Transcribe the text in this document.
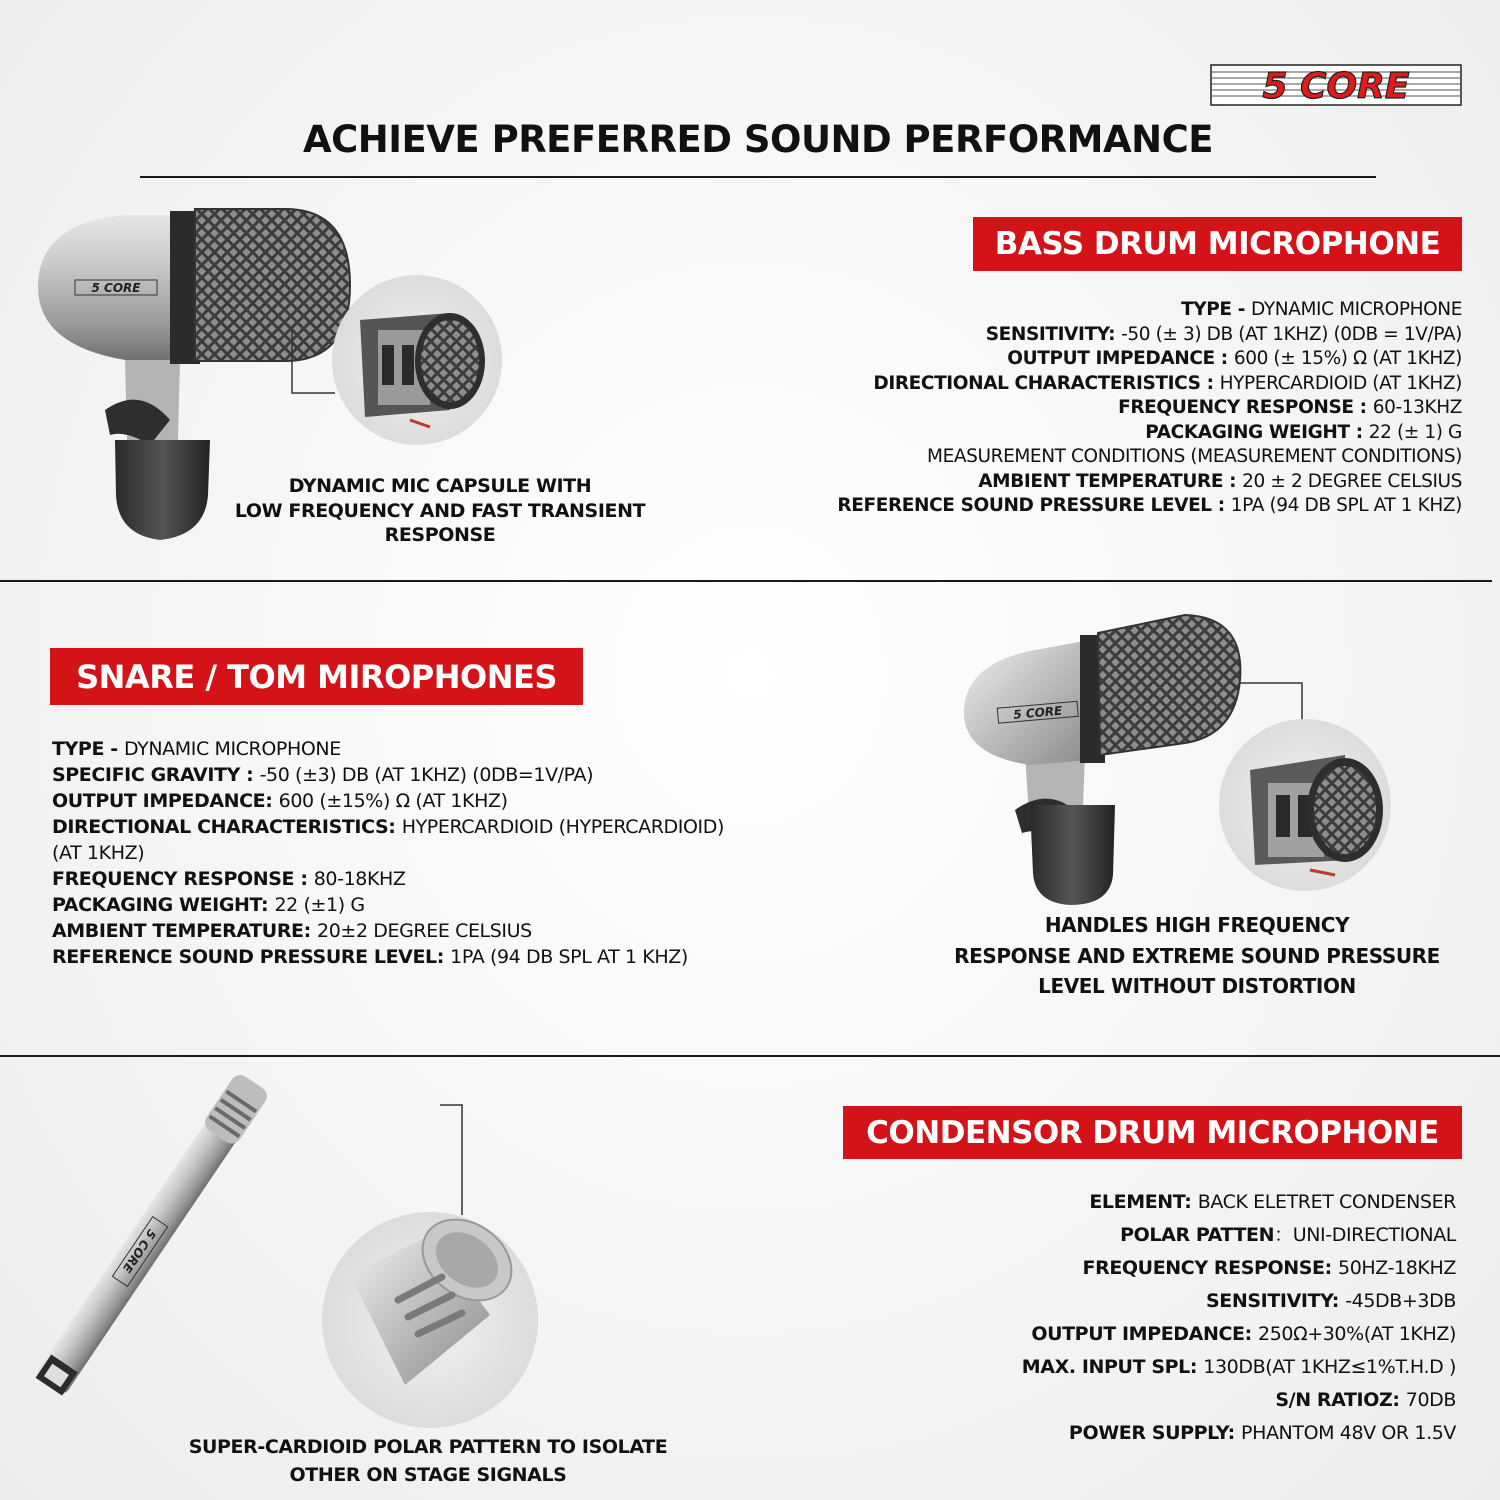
5 CORE
ACHIEVE PREFERRED SOUND PERFORMANCE
BASS DRUM MICROPHONE
5 CORE
DYNAMIC MIC CAPSULE WITH
LOW FREQUENCY AND FAST TRANSIENT
RESPONSE
TYPE - DYNAMIC MICROPHONE
SENSITIVITY: -50 (± 3) DB (AT 1KHZ) (0DB = 1V/PA)
OUTPUT IMPEDANCE : 600 (± 15%) Ω (AT 1KHZ)
DIRECTIONAL CHARACTERISTICS : HYPERCARDIOID (AT 1KHZ)
FREQUENCY RESPONSE : 60-13KHZ
PACKAGING WEIGHT : 22 (± 1) G
MEASUREMENT CONDITIONS (MEASUREMENT CONDITIONS)
AMBIENT TEMPERATURE : 20 ± 2 DEGREE CELSIUS
REFERENCE SOUND PRESSURE LEVEL : 1PA (94 DB SPL AT 1 KHZ)
SNARE / TOM MIROPHONES
TYPE - DYNAMIC MICROPHONE
SPECIFIC GRAVITY : -50 (±3) DB (AT 1KHZ) (0DB=1V/PA)
OUTPUT IMPEDANCE: 600 (±15%) Ω (AT 1KHZ)
DIRECTIONAL CHARACTERISTICS: HYPERCARDIOID (HYPERCARDIOID)
(AT 1KHZ)
FREQUENCY RESPONSE : 80-18KHZ
PACKAGING WEIGHT: 22 (±1) G
AMBIENT TEMPERATURE: 20±2 DEGREE CELSIUS
REFERENCE SOUND PRESSURE LEVEL: 1PA (94 DB SPL AT 1 KHZ)
5 CORE
HANDLES HIGH FREQUENCY
RESPONSE AND EXTREME SOUND PRESSURE
LEVEL WITHOUT DISTORTION
CONDENSOR DRUM MICROPHONE
ELEMENT: BACK ELETRET CONDENSER
POLAR PATTEN：UNI-DIRECTIONAL
FREQUENCY RESPONSE: 50HZ-18KHZ
SENSITIVITY: -45DB+3DB
OUTPUT IMPEDANCE: 250Ω+30%(AT 1KHZ)
MAX. INPUT SPL: 130DB(AT 1KHZ≤1%T.H.D )
S/N RATIOZ: 70DB
POWER SUPPLY: PHANTOM 48V OR 1.5V
5 CORE
SUPER-CARDIOID POLAR PATTERN TO ISOLATE
OTHER ON STAGE SIGNALS
